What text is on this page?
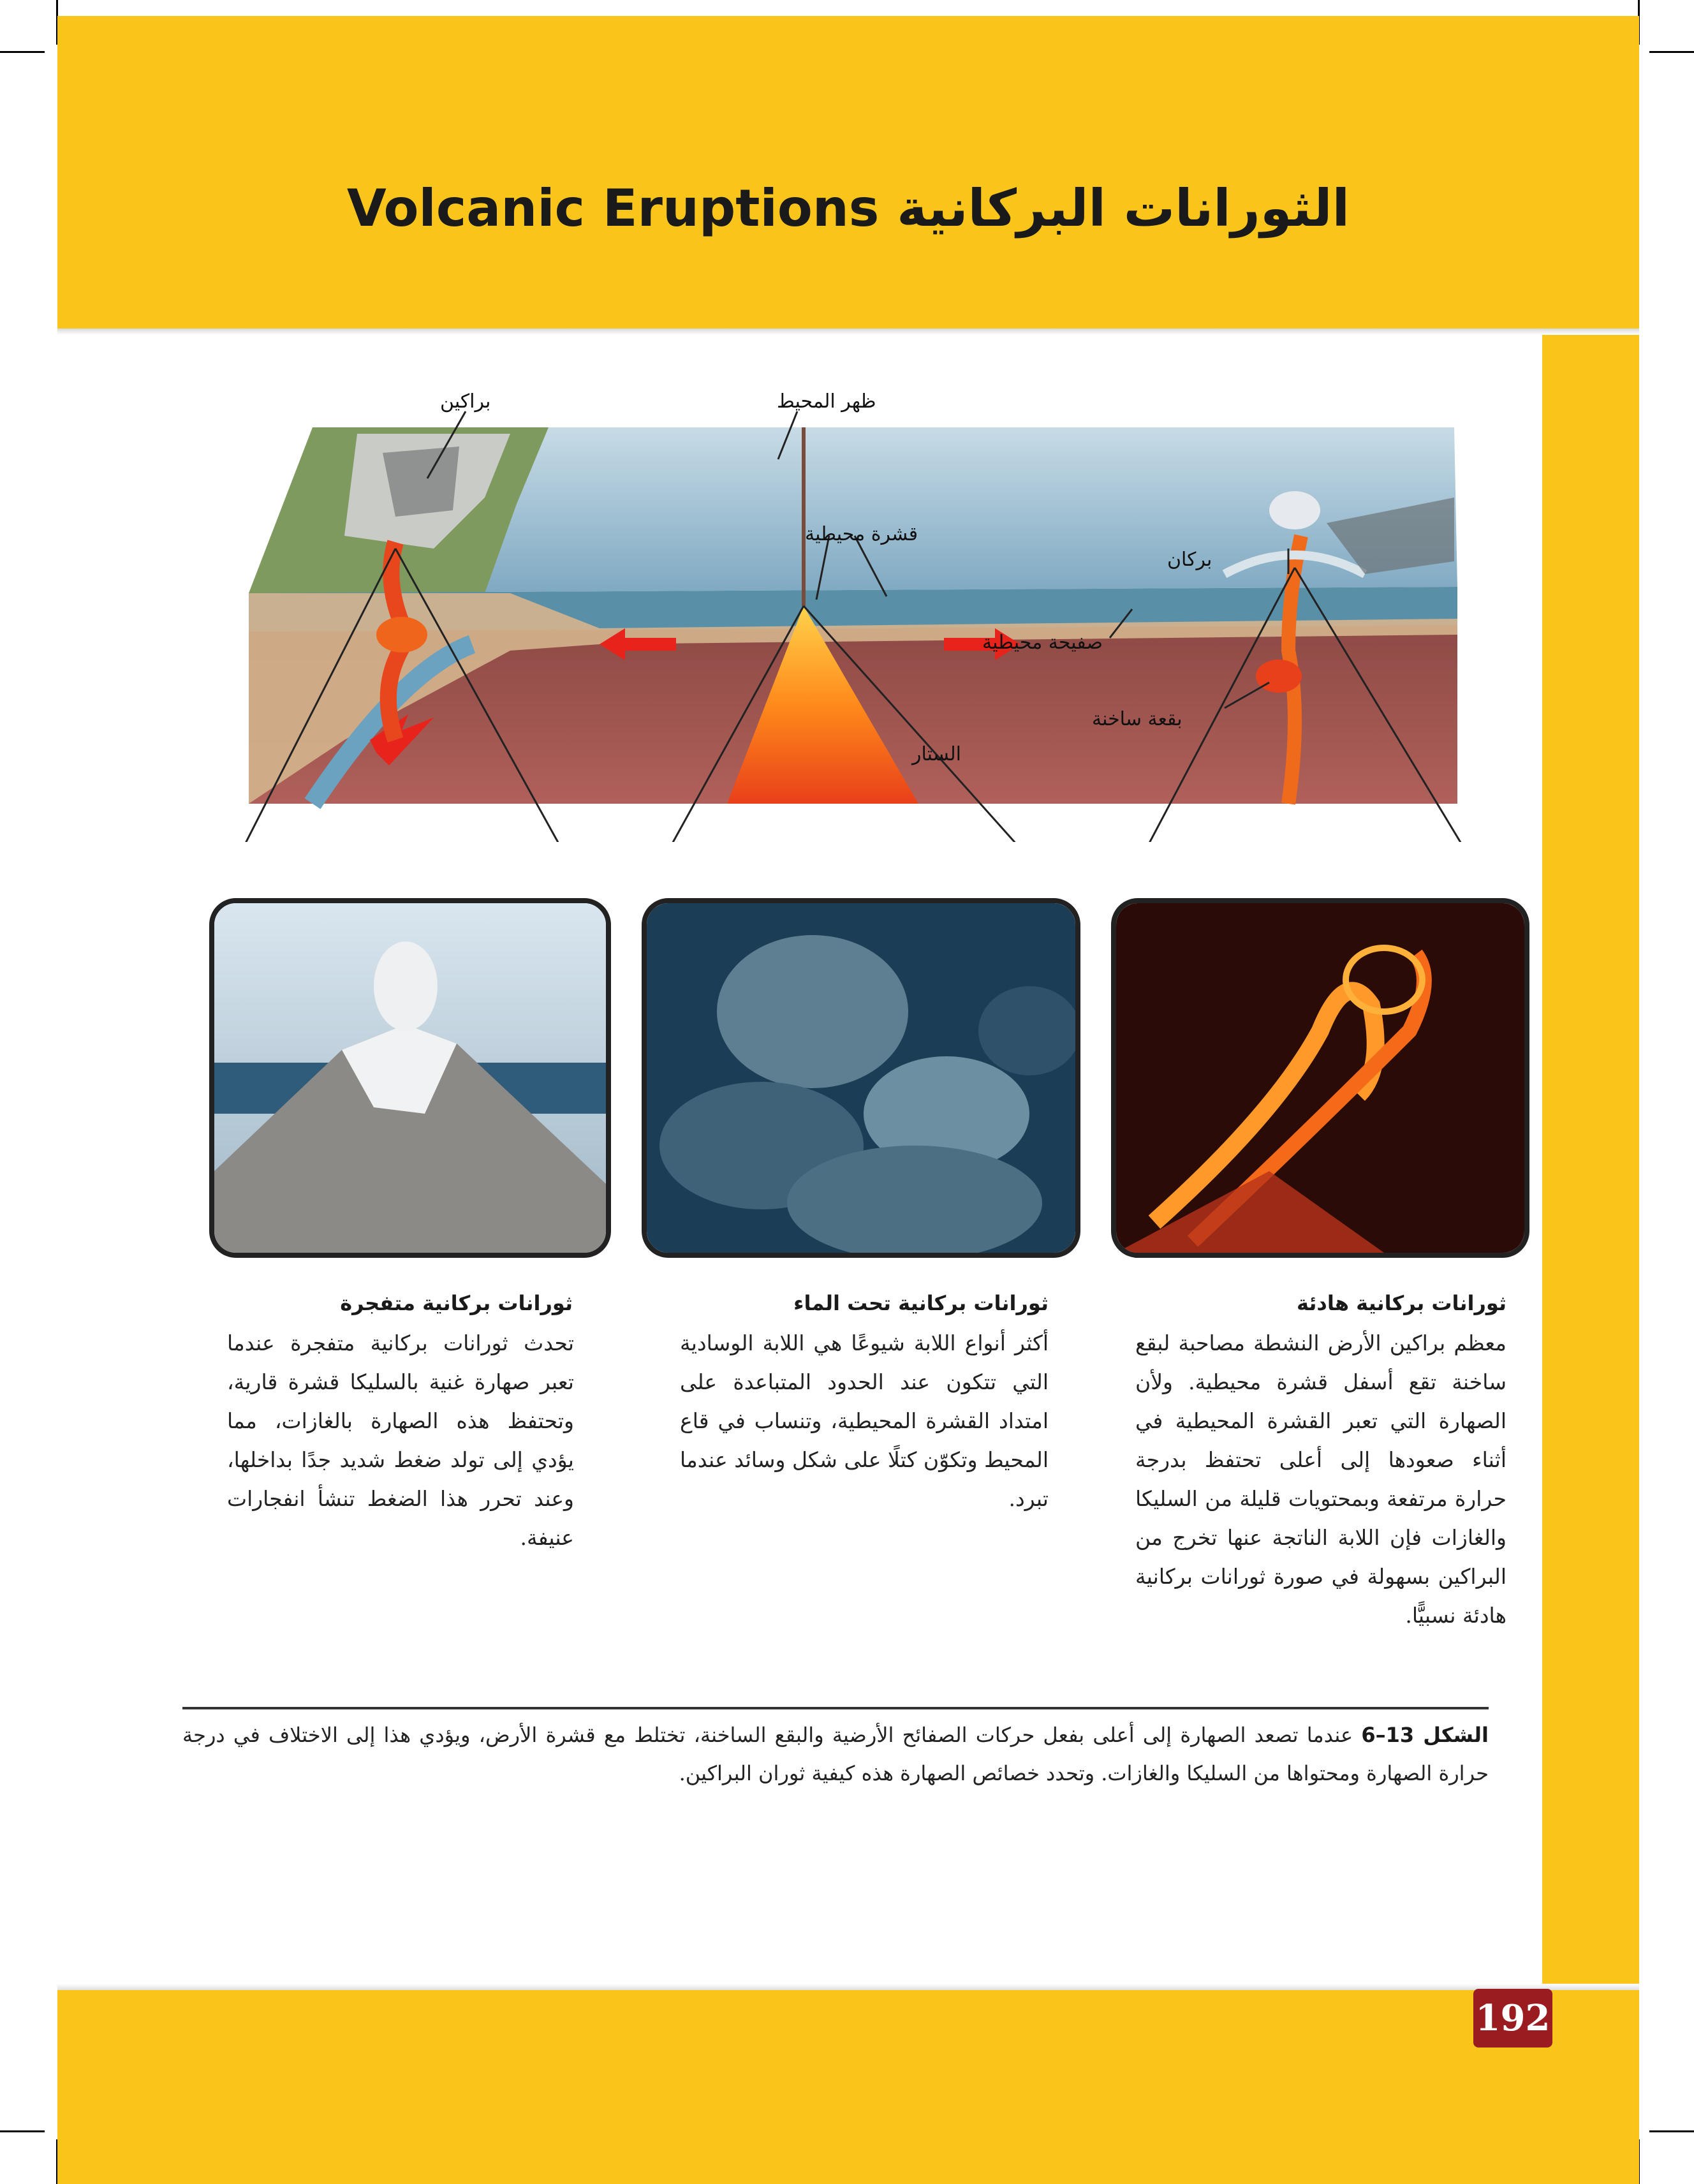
الثورانات البركانية Volcanic Eruptions
براكين	ظهر المحيط
قشرة محيطية
بركان
صفيحة محيطية
بقعة ساخنة
الستار
ثورانات بركانية متفجرة
تحدث ثورانات بركانية متفجرة عندما تعبر صهارة غنية بالسليكا قشرة قارية، وتحتفظ هذه الصهارة بالغازات، مما يؤدي إلى تولد ضغط شديد جدًا بداخلها، وعند تحرر هذا الضغط تنشأ انفجارات عنيفة.
ثورانات بركانية تحت الماء
أكثر أنواع اللابة شيوعًا هي اللابة الوسادية التي تتكون عند الحدود المتباعدة على امتداد القشرة المحيطية، وتنساب في قاع المحيط وتكوّن كتلًا على شكل وسائد عندما تبرد.
ثورانات بركانية هادئة
معظم براكين الأرض النشطة مصاحبة لبقع ساخنة تقع أسفل قشرة محيطية. ولأن الصهارة التي تعبر القشرة المحيطية في أثناء صعودها إلى أعلى تحتفظ بدرجة حرارة مرتفعة وبمحتويات قليلة من السليكا والغازات فإن اللابة الناتجة عنها تخرج من البراكين بسهولة في صورة ثورانات بركانية هادئة نسبيًّا.
الشكل 13–6 عندما تصعد الصهارة إلى أعلى بفعل حركات الصفائح الأرضية والبقع الساخنة، تختلط مع قشرة الأرض، ويؤدي هذا إلى الاختلاف في درجة حرارة الصهارة ومحتواها من السليكا والغازات. وتحدد خصائص الصهارة هذه كيفية ثوران البراكين.
192
